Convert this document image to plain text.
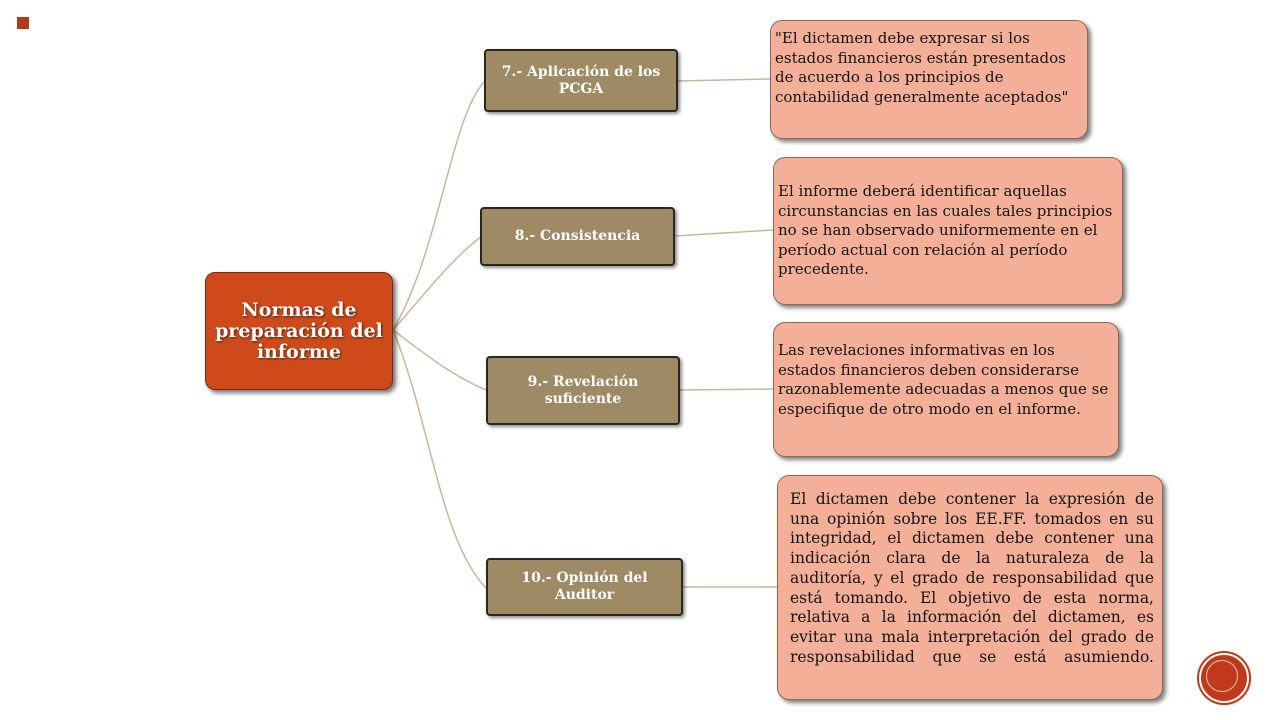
Normas de preparación del informe
7.- Aplicación de los PCGA
8.- Consistencia
9.- Revelación suficiente
10.- Opinión del Auditor
"El dictamen debe expresar si los estados financieros están presentados de acuerdo a los principios de contabilidad generalmente aceptados"
El informe deberá identificar aquellas circunstancias en las cuales tales principios no se han observado uniformemente en el período actual con relación al período precedente.
Las revelaciones informativas en los estados financieros deben considerarse razonablemente adecuadas a menos que se especifique de otro modo en el informe.
El dictamen debe contener la expresión de una opinión sobre los EE.FF. tomados en su integridad, el dictamen debe contener una indicación clara de la naturaleza de la auditoría, y el grado de responsabilidad que está tomando. El objetivo de esta norma, relativa a la información del dictamen, es evitar una mala interpretación del grado de responsabilidad que se está asumiendo.
